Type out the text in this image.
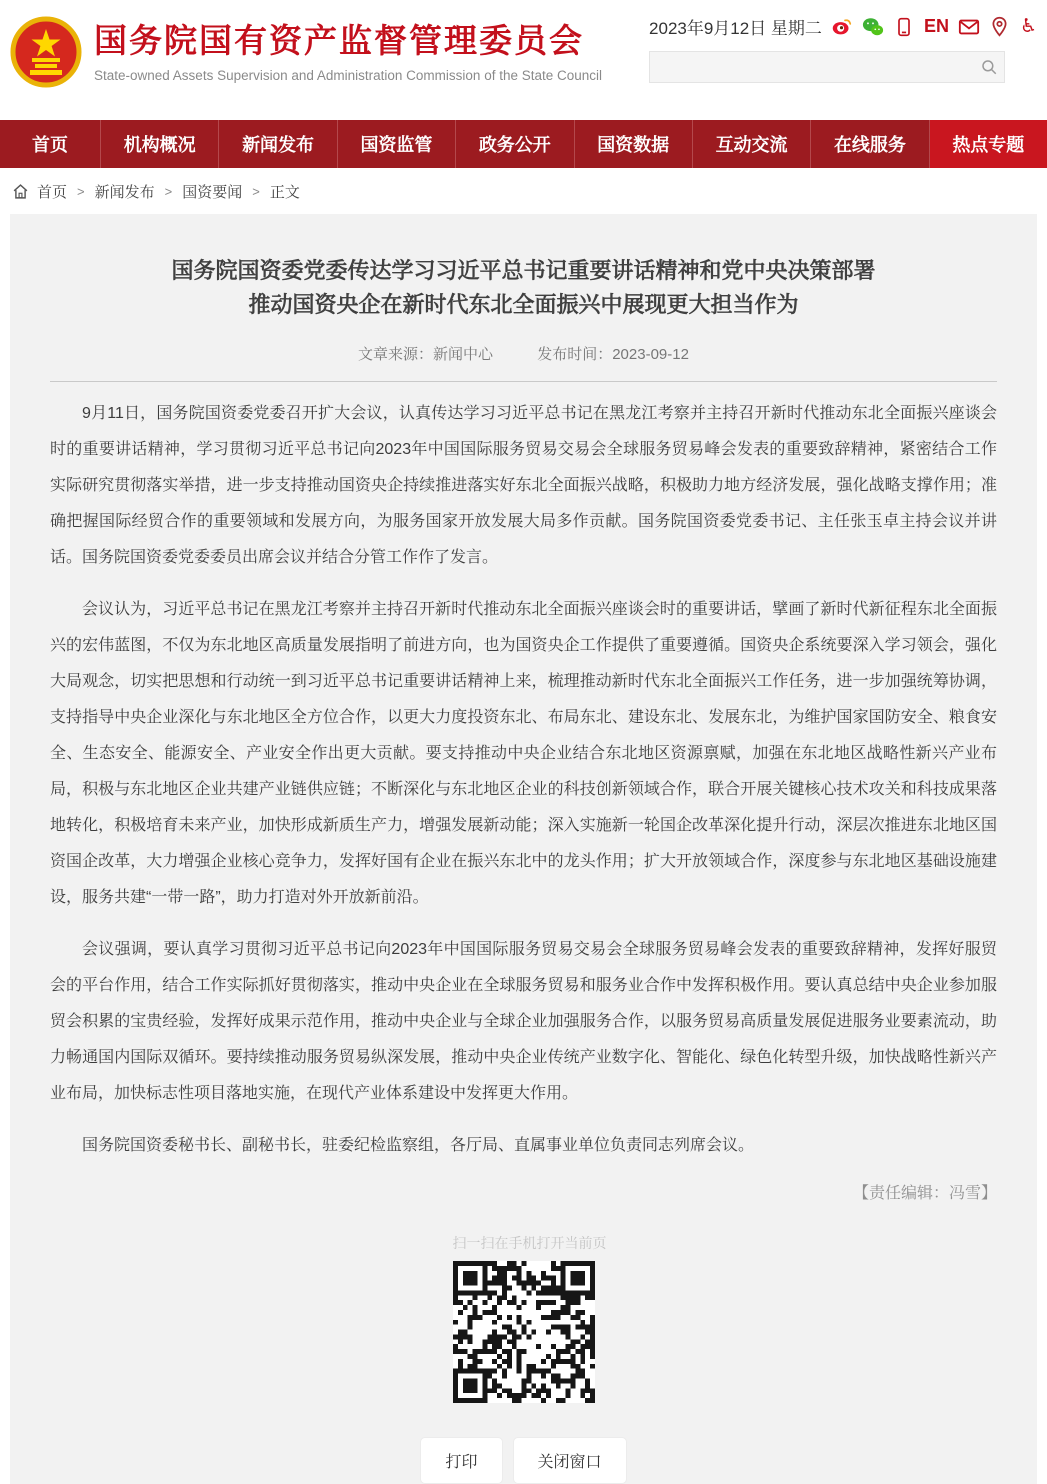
国务院国有资产监督管理委员会
State-owned Assets Supervision and Administration Commission of the State Council
2023年9月12日 星期二	EN	♿
首页	机构概况	新闻发布	国资监管	政务公开	国资数据	互动交流	在线服务	热点专题
首页 > 新闻发布 > 国资要闻 > 正文
国务院国资委党委传达学习习近平总书记重要讲话精神和党中央决策部署
推动国资央企在新时代东北全面振兴中展现更大担当作为
文章来源：新闻中心	发布时间：2023-09-12

9月11日，国务院国资委党委召开扩大会议，认真传达学习习近平总书记在黑龙江考察并主持召开新时代推动东北全面振兴座谈会时的重要讲话精神，学习贯彻习近平总书记向2023年中国国际服务贸易交易会全球服务贸易峰会发表的重要致辞精神，紧密结合工作实际研究贯彻落实举措，进一步支持推动国资央企持续推进落实好东北全面振兴战略，积极助力地方经济发展，强化战略支撑作用；准确把握国际经贸合作的重要领域和发展方向，为服务国家开放发展大局多作贡献。国务院国资委党委书记、主任张玉卓主持会议并讲话。国务院国资委党委委员出席会议并结合分管工作作了发言。

会议认为，习近平总书记在黑龙江考察并主持召开新时代推动东北全面振兴座谈会时的重要讲话，擘画了新时代新征程东北全面振兴的宏伟蓝图，不仅为东北地区高质量发展指明了前进方向，也为国资央企工作提供了重要遵循。国资央企系统要深入学习领会，强化大局观念，切实把思想和行动统一到习近平总书记重要讲话精神上来，梳理推动新时代东北全面振兴工作任务，进一步加强统筹协调，支持指导中央企业深化与东北地区全方位合作，以更大力度投资东北、布局东北、建设东北、发展东北，为维护国家国防安全、粮食安全、生态安全、能源安全、产业安全作出更大贡献。要支持推动中央企业结合东北地区资源禀赋，加强在东北地区战略性新兴产业布局，积极与东北地区企业共建产业链供应链；不断深化与东北地区企业的科技创新领域合作，联合开展关键核心技术攻关和科技成果落地转化，积极培育未来产业，加快形成新质生产力，增强发展新动能；深入实施新一轮国企改革深化提升行动，深层次推进东北地区国资国企改革，大力增强企业核心竞争力，发挥好国有企业在振兴东北中的龙头作用；扩大开放领域合作，深度参与东北地区基础设施建设，服务共建“一带一路”，助力打造对外开放新前沿。

会议强调，要认真学习贯彻习近平总书记向2023年中国国际服务贸易交易会全球服务贸易峰会发表的重要致辞精神，发挥好服贸会的平台作用，结合工作实际抓好贯彻落实，推动中央企业在全球服务贸易和服务业合作中发挥积极作用。要认真总结中央企业参加服贸会积累的宝贵经验，发挥好成果示范作用，推动中央企业与全球企业加强服务合作，以服务贸易高质量发展促进服务业要素流动，助力畅通国内国际双循环。要持续推动服务贸易纵深发展，推动中央企业传统产业数字化、智能化、绿色化转型升级，加快战略性新兴产业布局，加快标志性项目落地实施，在现代产业体系建设中发挥更大作用。

国务院国资委秘书长、副秘书长，驻委纪检监察组，各厅局、直属事业单位负责同志列席会议。

【责任编辑：冯雪】
扫一扫在手机打开当前页
打印	关闭窗口
